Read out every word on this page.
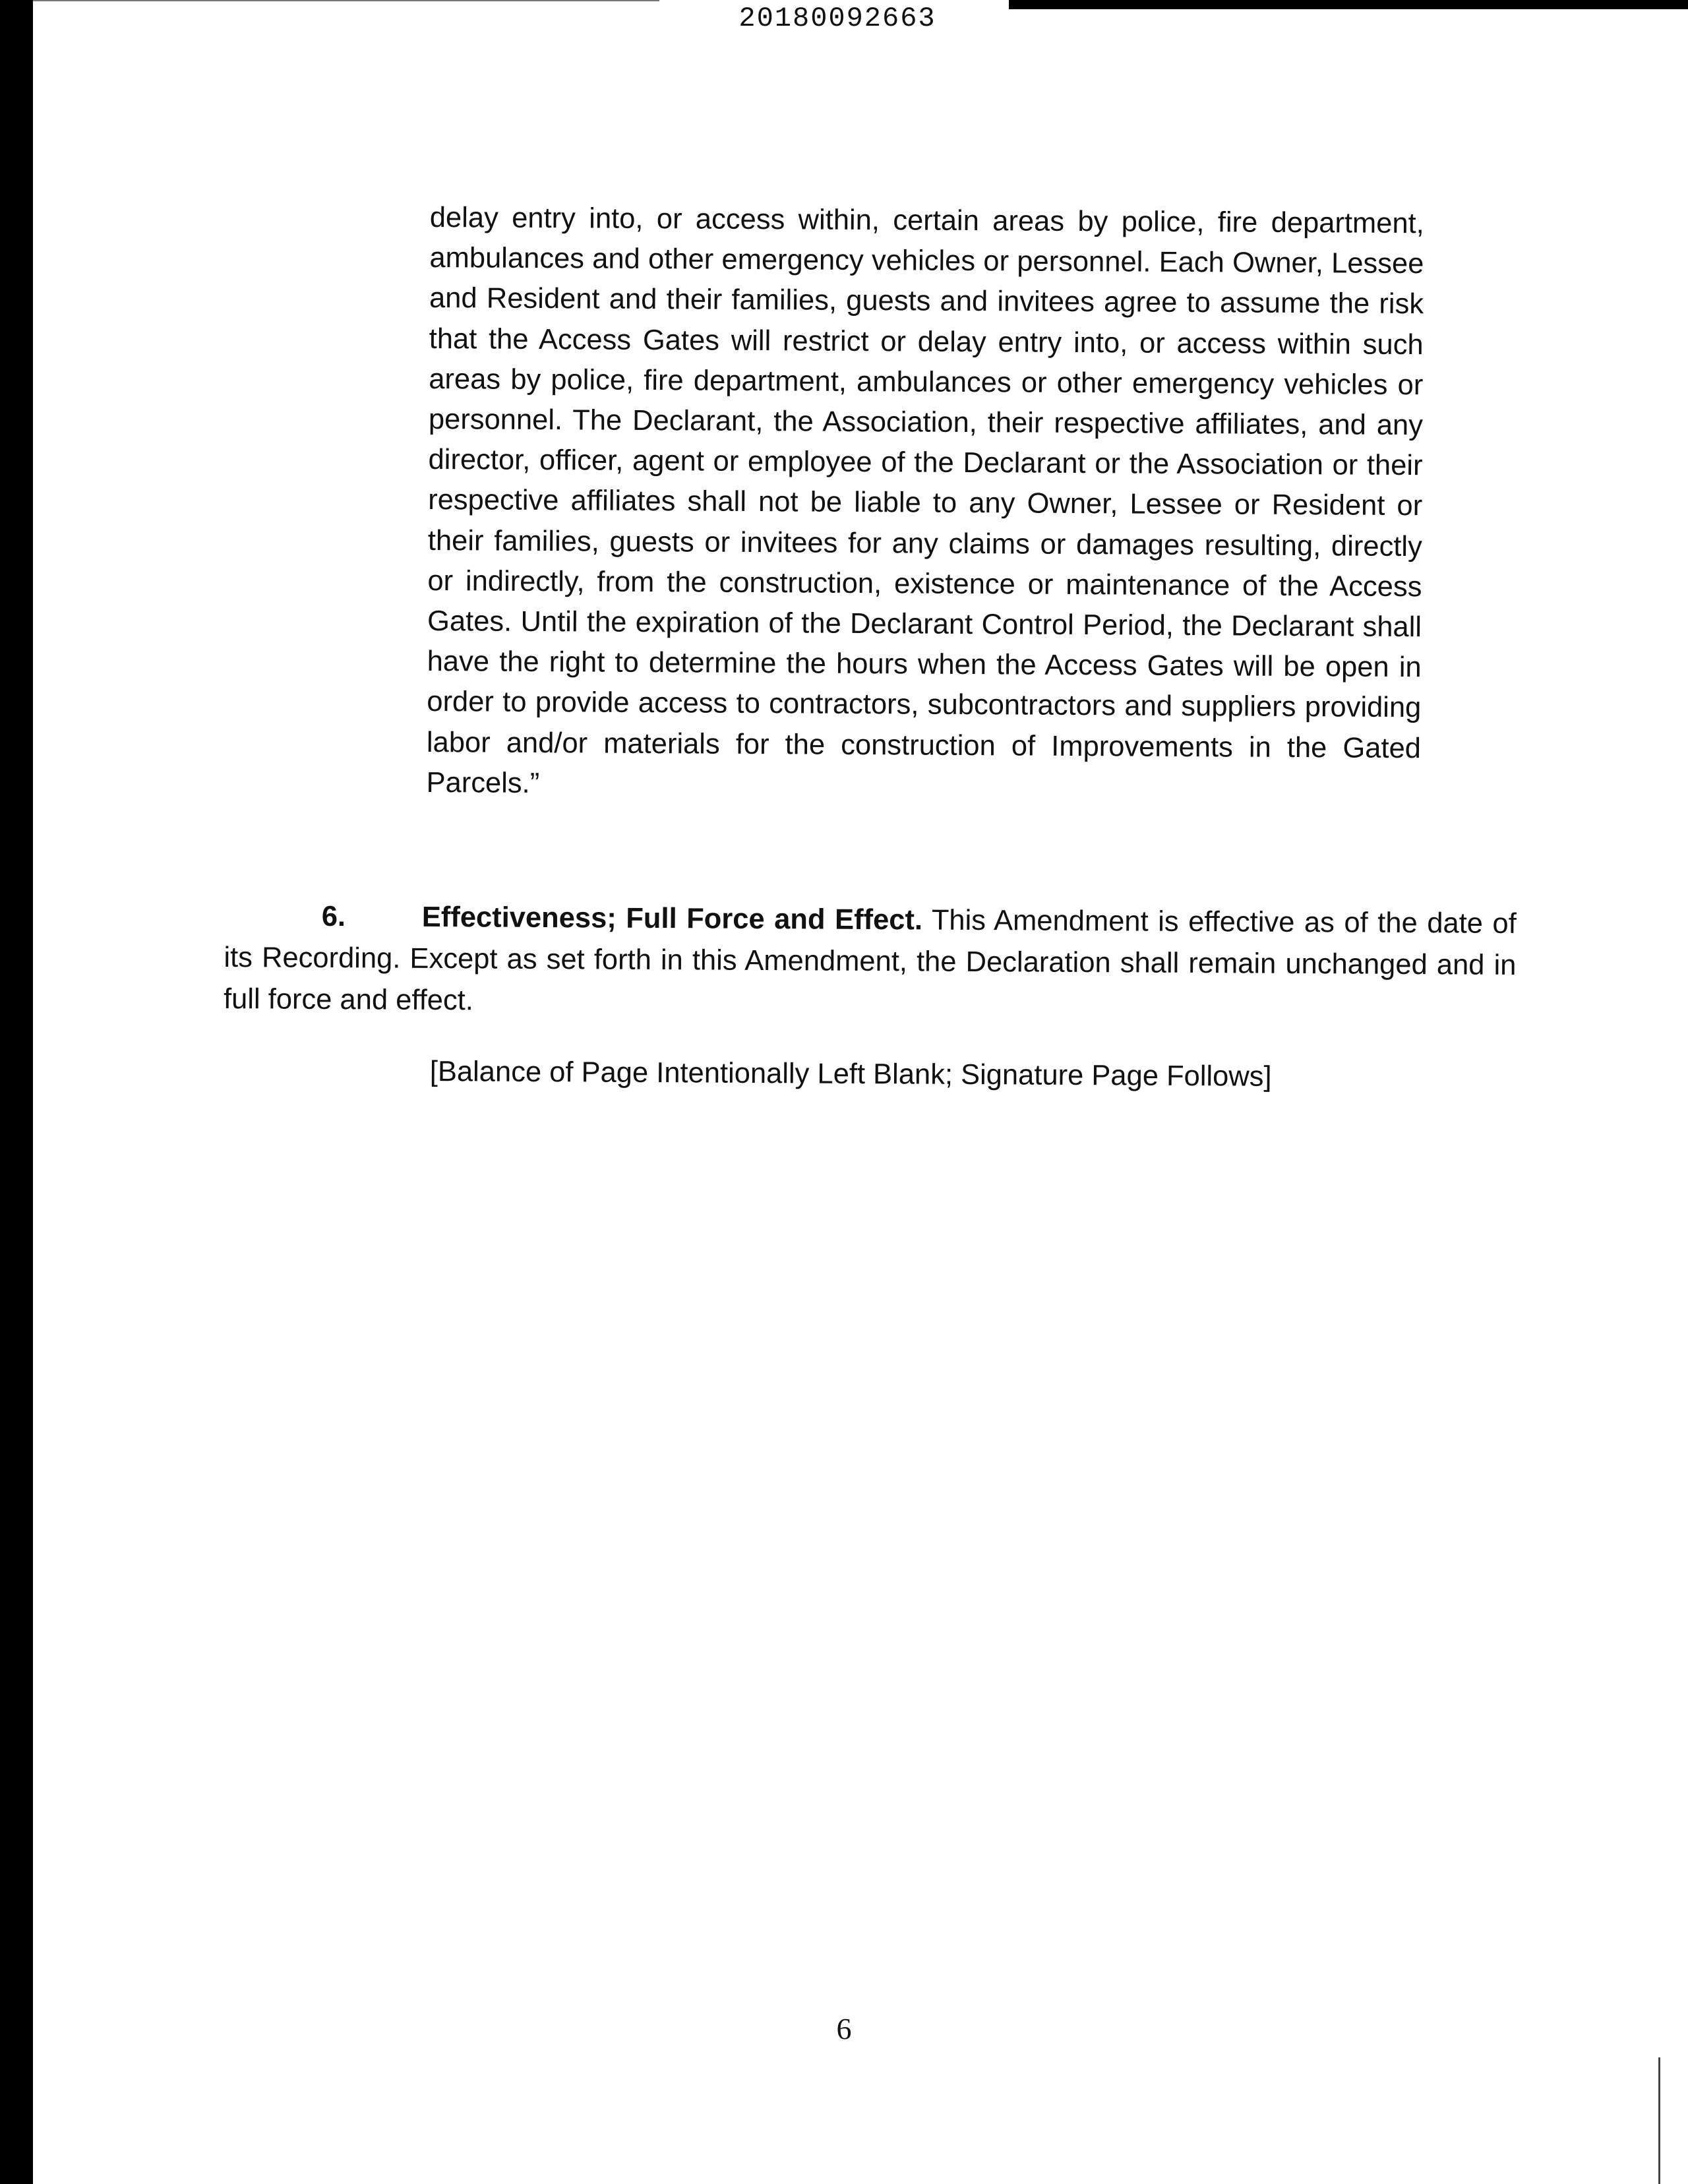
20180092663
delay entry into, or access within, certain areas by police, fire department, ambulances and other emergency vehicles or personnel. Each Owner, Lessee and Resident and their families, guests and invitees agree to assume the risk that the Access Gates will restrict or delay entry into, or access within such areas by police, fire department, ambulances or other emergency vehicles or personnel. The Declarant, the Association, their respective affiliates, and any director, officer, agent or employee of the Declarant or the Association or their respective affiliates shall not be liable to any Owner, Lessee or Resident or their families, guests or invitees for any claims or damages resulting, directly or indirectly, from the construction, existence or maintenance of the Access Gates. Until the expiration of the Declarant Control Period, the Declarant shall have the right to determine the hours when the Access Gates will be open in order to provide access to contractors, subcontractors and suppliers providing labor and/or materials for the construction of Improvements in the Gated Parcels.”
6.	Effectiveness; Full Force and Effect. This Amendment is effective as of the date of its Recording. Except as set forth in this Amendment, the Declaration shall remain unchanged and in full force and effect.
[Balance of Page Intentionally Left Blank; Signature Page Follows]
6
